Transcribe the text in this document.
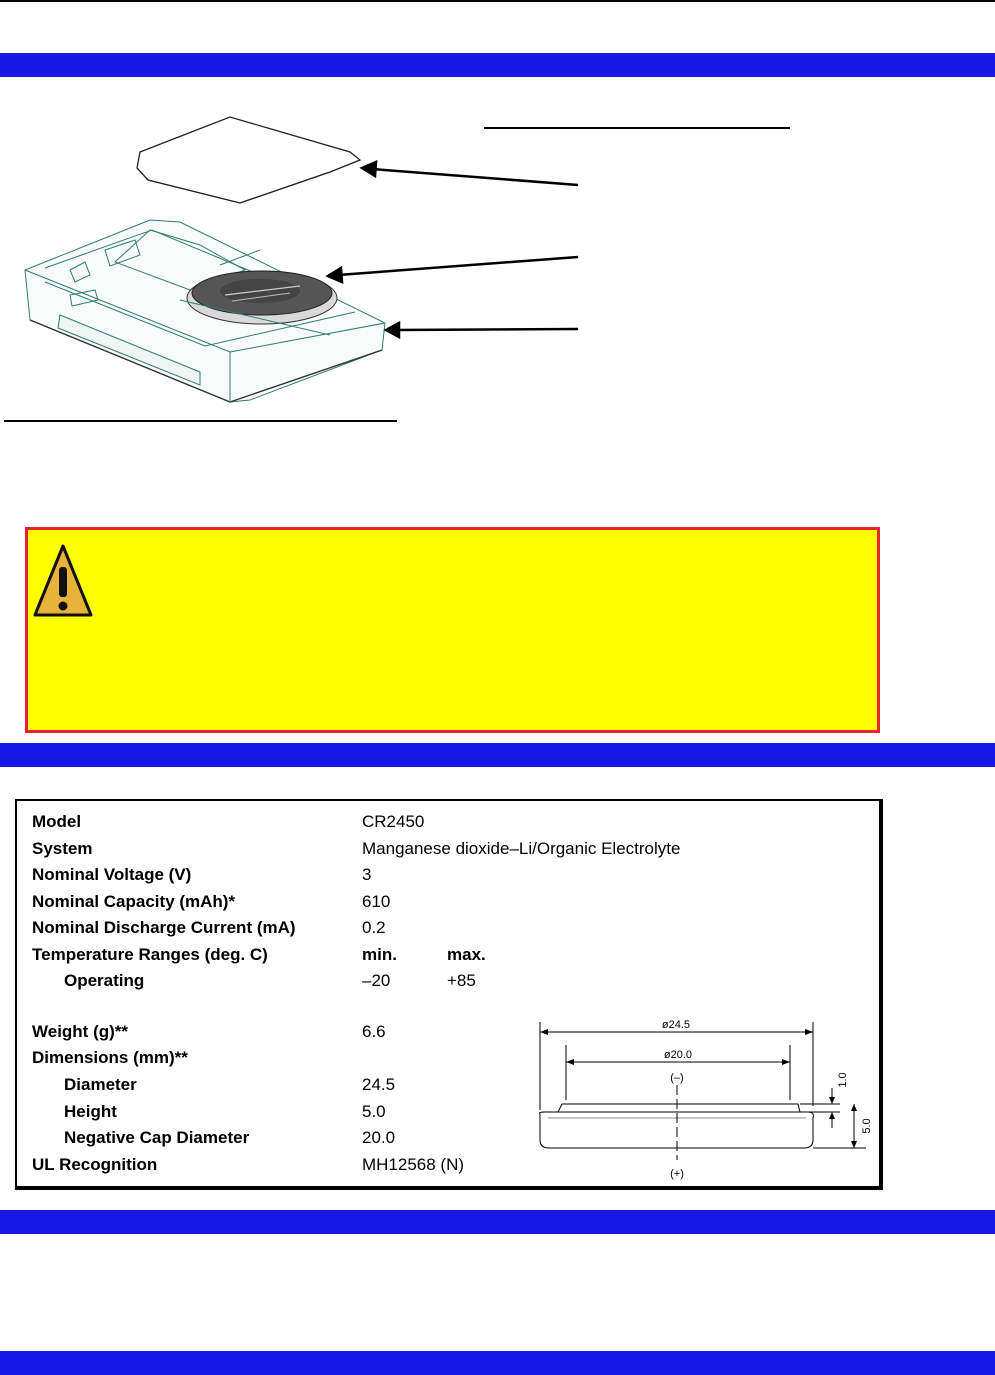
Model	CR2450
System	Manganese dioxide–Li/Organic Electrolyte
Nominal Voltage (V)	3
Nominal Capacity (mAh)*	610
Nominal Discharge Current (mA)	0.2
Temperature Ranges (deg. C)	min.	max.
Operating	–20	+85
Weight (g)**	6.6
Dimensions (mm)**
Diameter	24.5
Height	5.0
Negative Cap Diameter	20.0
UL Recognition	MH12568 (N)
ø24.5
ø20.0
(–)
(+)
1.0
5.0
